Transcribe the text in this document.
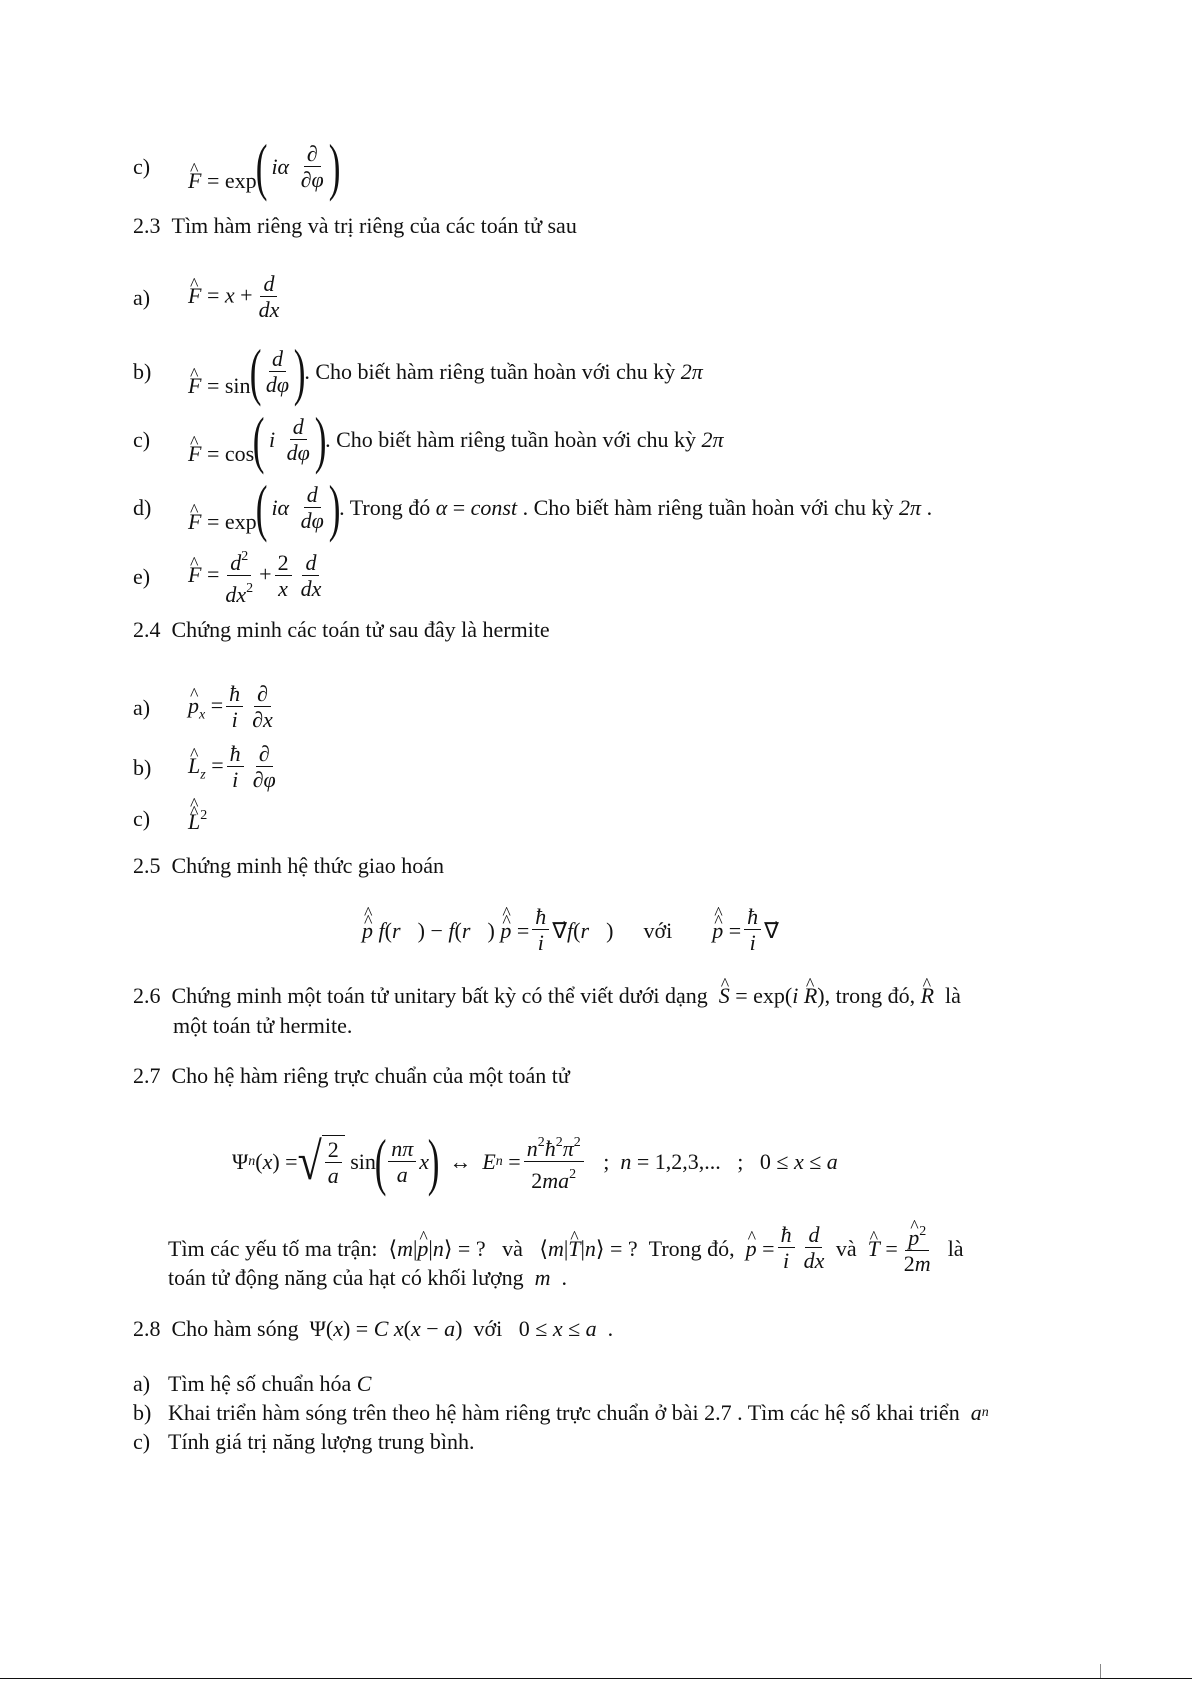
c)
^ F = exp
(
iα $\frac{\partial}{\partial\varphi}$ )
2.3
Tìm hàm riêng và trị riêng của các toán tử sau
a)	^ $F = x + \frac{d}{dx}$
b)
^ F = sin
( $\frac{d}{d\varphi}$ )
. Cho biết hàm riêng tuần hoàn với chu kỳ
2π
c)
^ F = cos
(
i $\frac{d}{d\varphi}$ )
. Cho biết hàm riêng tuần hoàn với chu kỳ
2π
d)
^ F = exp
(
iα $\frac{d}{d\varphi}$ )
. Trong đó
α = const
. Cho biết hàm riêng tuần hoàn với chu kỳ
2π .
e)	^ $F = \frac{d^2}{dx^2} + \frac{2}{x} \frac{d}{dx}$
2.4
Chứng minh các toán tử sau đây là hermite
a)	^ $p_x = \frac{ħ}{i} \frac{\partial}{\partial x}$
b)	^ $L_z = \frac{ħ}{i} \frac{\partial}{\partial\varphi}$
c)	^ L ^$^2$
2.5
Chứng minh hệ thức giao hoán
^ p ^
f ( r⃗ ) − f ( r⃗ ) ^ p ^ = $\frac{ħ}{i}$ ∇⃗ f ( r⃗ ) với ^ p ^ = $\frac{ħ}{i}$ ∇⃗
2.6
Chứng minh một toán tử unitary bất kỳ có thể viết dưới dạng
^ S = exp( i
^ R ) , trong đó,
^ R
là
một toán tử hermite.
2.7
Cho hệ hàm riêng trực chuẩn của một toán tử
Ψ n ( x ) = √ $\frac{2}{a}$ sin
( $\frac{n\pi}{a}$ x
)
↔ E $n = \frac{n^2ħ^2\pi^2}{2ma^2}$ ; n = 1,2,3,...   ;   0 ≤ x ≤ a
Tìm các yếu tố ma trận: ⟨ m | ^ p | n ⟩ = ? và ⟨ m | ^ T | n ⟩ = ? Trong đó,
^ $p = \frac{ħ}{i} \frac{d}{dx}$
và
^ T = ^ $\frac{p^2}{2m}$
là
toán tử động năng của hạt có khối lượng
m .
2.8
Cho hàm sóng Ψ( x ) = C x ( x − a ) với 0 ≤ x ≤ a .
a) Tìm hệ số chuẩn hóa
C
b) Khai triển hàm sóng trên theo hệ hàm riêng trực chuẩn ở bài 2.7 . Tìm các hệ số khai triển
a n
c) Tính giá trị năng lượng trung bình.
